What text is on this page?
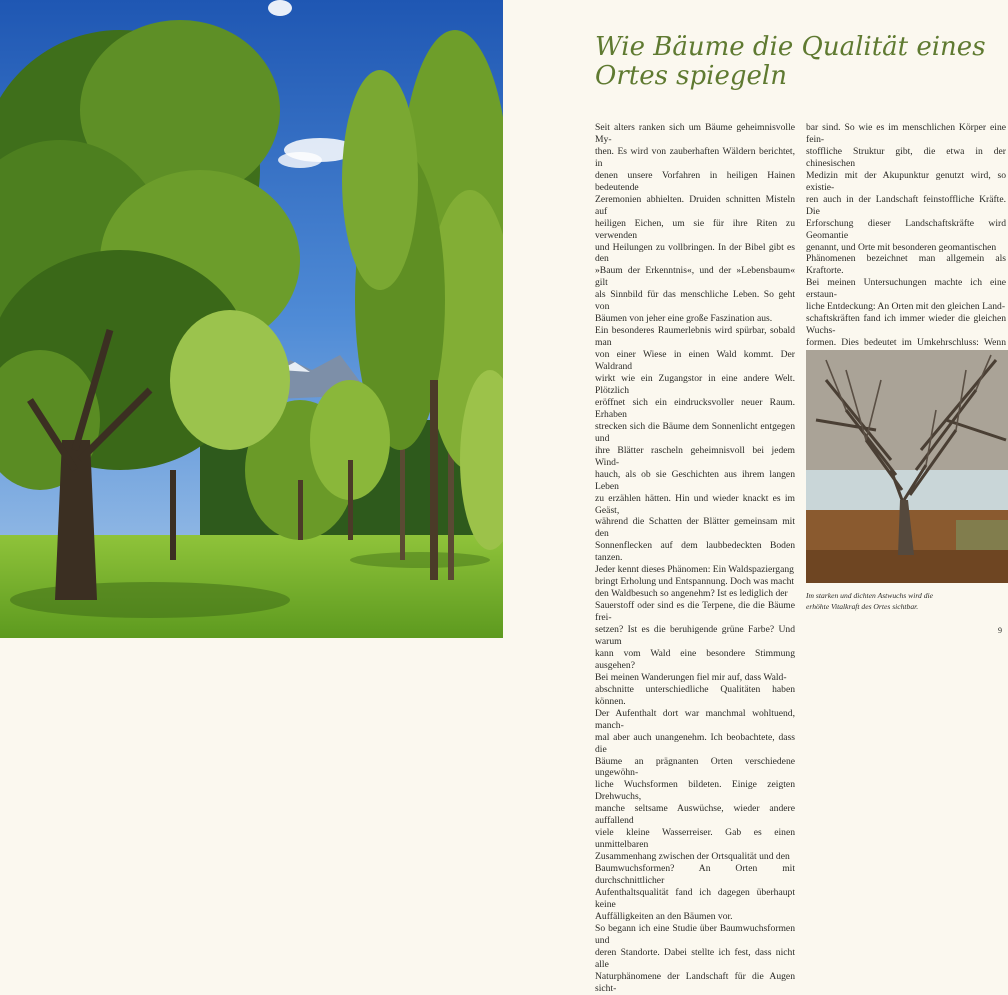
Wie Bäume die Qualität eines
Ortes spiegeln

Seit alters ranken sich um Bäume geheimnisvolle My-

then. Es wird von zauberhaften Wäldern berichtet, in

denen unsere Vorfahren in heiligen Hainen bedeutende

Zeremonien abhielten. Druiden schnitten Misteln auf

heiligen Eichen, um sie für ihre Riten zu verwenden

und Heilungen zu vollbringen. In der Bibel gibt es den

»Baum der Erkenntnis«, und der »Lebensbaum« gilt

als Sinnbild für das menschliche Leben. So geht von

Bäumen von jeher eine große Faszination aus.

Ein besonderes Raumerlebnis wird spürbar, sobald man

von einer Wiese in einen Wald kommt. Der Waldrand

wirkt wie ein Zugangstor in eine andere Welt. Plötzlich

eröffnet sich ein eindrucksvoller neuer Raum. Erhaben

strecken sich die Bäume dem Sonnenlicht entgegen und

ihre Blätter rascheln geheimnisvoll bei jedem Wind-

hauch, als ob sie Geschichten aus ihrem langen Leben

zu erzählen hätten. Hin und wieder knackt es im Geäst,

während die Schatten der Blätter gemeinsam mit den

Sonnenflecken auf dem laubbedeckten Boden tanzen.

Jeder kennt dieses Phänomen: Ein Waldspaziergang

bringt Erholung und Entspannung. Doch was macht

den Waldbesuch so angenehm? Ist es lediglich der

Sauerstoff oder sind es die Terpene, die die Bäume frei-

setzen? Ist es die beruhigende grüne Farbe? Und warum

kann vom Wald eine besondere Stimmung ausgehen?

Bei meinen Wanderungen fiel mir auf, dass Wald-

abschnitte unterschiedliche Qualitäten haben können.

Der Aufenthalt dort war manchmal wohltuend, manch-

mal aber auch unangenehm. Ich beobachtete, dass die

Bäume an prägnanten Orten verschiedene ungewöhn-

liche Wuchsformen bildeten. Einige zeigten Drehwuchs,

manche seltsame Auswüchse, wieder andere auffallend

viele kleine Wasserreiser. Gab es einen unmittelbaren

Zusammenhang zwischen der Ortsqualität und den

Baumwuchsformen? An Orten mit durchschnittlicher

Aufenthaltsqualität fand ich dagegen überhaupt keine

Auffälligkeiten an den Bäumen vor.

So begann ich eine Studie über Baumwuchsformen und

deren Standorte. Dabei stellte ich fest, dass nicht alle

Naturphänomene der Landschaft für die Augen sicht-

bar sind. So wie es im menschlichen Körper eine fein-

stoffliche Struktur gibt, die etwa in der chinesischen

Medizin mit der Akupunktur genutzt wird, so existie-

ren auch in der Landschaft feinstoffliche Kräfte. Die

Erforschung dieser Landschaftskräfte wird Geomantie

genannt, und Orte mit besonderen geomantischen

Phänomenen bezeichnet man allgemein als Kraftorte.

Bei meinen Untersuchungen machte ich eine erstaun-

liche Entdeckung: An Orten mit den gleichen Land-

schaftskräften fand ich immer wieder die gleichen Wuchs-

formen. Dies bedeutet im Umkehrschluss: Wenn

Im starken und dichten Astwuchs wird die
erhöhte Vitalkraft des Ortes sichtbar.
9
